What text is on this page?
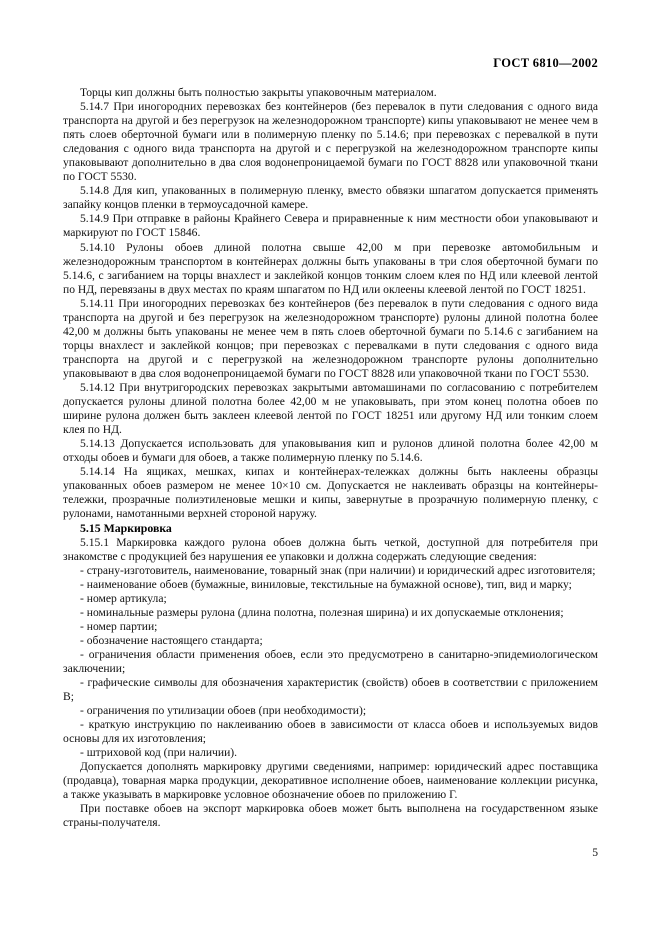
ГОСТ 6810—2002

Торцы кип должны быть полностью закрыты упаковочным материалом.

5.14.7 При иногородних перевозках без контейнеров (без перевалок в пути следования с одного вида транспорта на другой и без перегрузок на железнодорожном транспорте) кипы упаковывают не менее чем в пять слоев оберточной бумаги или в полимерную пленку по 5.14.6; при перевозках с перевалкой в пути следования с одного вида транспорта на другой и с перегрузкой на железнодорожном транспорте кипы упаковывают дополнительно в два слоя водонепроницаемой бумаги по ГОСТ 8828 или упаковочной ткани по ГОСТ 5530.

5.14.8 Для кип, упакованных в полимерную пленку, вместо обвязки шпагатом допускается применять запайку концов пленки в термоусадочной камере.

5.14.9 При отправке в районы Крайнего Севера и приравненные к ним местности обои упаковывают и маркируют по ГОСТ 15846.

5.14.10 Рулоны обоев длиной полотна свыше 42,00 м при перевозке автомобильным и железнодорожным транспортом в контейнерах должны быть упакованы в три слоя оберточной бумаги по 5.14.6, с загибанием на торцы внахлест и заклейкой концов тонким слоем клея по НД или клеевой лентой по НД, перевязаны в двух местах по краям шпагатом по НД или оклеены клеевой лентой по ГОСТ 18251.

5.14.11 При иногородних перевозках без контейнеров (без перевалок в пути следования с одного вида транспорта на другой и без перегрузок на железнодорожном транспорте) рулоны длиной полотна более 42,00 м должны быть упакованы не менее чем в пять слоев оберточной бумаги по 5.14.6 с загибанием на торцы внахлест и заклейкой концов; при перевозках с перевалками в пути следования с одного вида транспорта на другой и с перегрузкой на железнодорожном транспорте рулоны дополнительно упаковывают в два слоя водонепроницаемой бумаги по ГОСТ 8828 или упаковочной ткани по ГОСТ 5530.

5.14.12 При внутригородских перевозках закрытыми автомашинами по согласованию с потребителем допускается рулоны длиной полотна более 42,00 м не упаковывать, при этом конец полотна обоев по ширине рулона должен быть заклеен клеевой лентой по ГОСТ 18251 или другому НД или тонким слоем клея по НД.

5.14.13 Допускается использовать для упаковывания кип и рулонов длиной полотна более 42,00 м отходы обоев и бумаги для обоев, а также полимерную пленку по 5.14.6.

5.14.14 На ящиках, мешках, кипах и контейнерах-тележках должны быть наклеены образцы упакованных обоев размером не менее 10×10 см. Допускается не наклеивать образцы на контейнеры-тележки, прозрачные полиэтиленовые мешки и кипы, завернутые в прозрачную полимерную пленку, с рулонами, намотанными верхней стороной наружу.

5.15 Маркировка

5.15.1 Маркировка каждого рулона обоев должна быть четкой, доступной для потребителя при знакомстве с продукцией без нарушения ее упаковки и должна содержать следующие сведения:

- страну-изготовитель, наименование, товарный знак (при наличии) и юридический адрес изготовителя;

- наименование обоев (бумажные, виниловые, текстильные на бумажной основе), тип, вид и марку;

- номер артикула;

- номинальные размеры рулона (длина полотна, полезная ширина) и их допускаемые отклонения;

- номер партии;

- обозначение настоящего стандарта;

- ограничения области применения обоев, если это предусмотрено в санитарно-эпидемиологическом заключении;

- графические символы для обозначения характеристик (свойств) обоев в соответствии с приложением В;

- ограничения по утилизации обоев (при необходимости);

- краткую инструкцию по наклеиванию обоев в зависимости от класса обоев и используемых видов основы для их изготовления;

- штриховой код (при наличии).

Допускается дополнять маркировку другими сведениями, например: юридический адрес поставщика (продавца), товарная марка продукции, декоративное исполнение обоев, наименование коллекции рисунка, а также указывать в маркировке условное обозначение обоев по приложению Г.

При поставке обоев на экспорт маркировка обоев может быть выполнена на государственном языке страны-получателя.

5
